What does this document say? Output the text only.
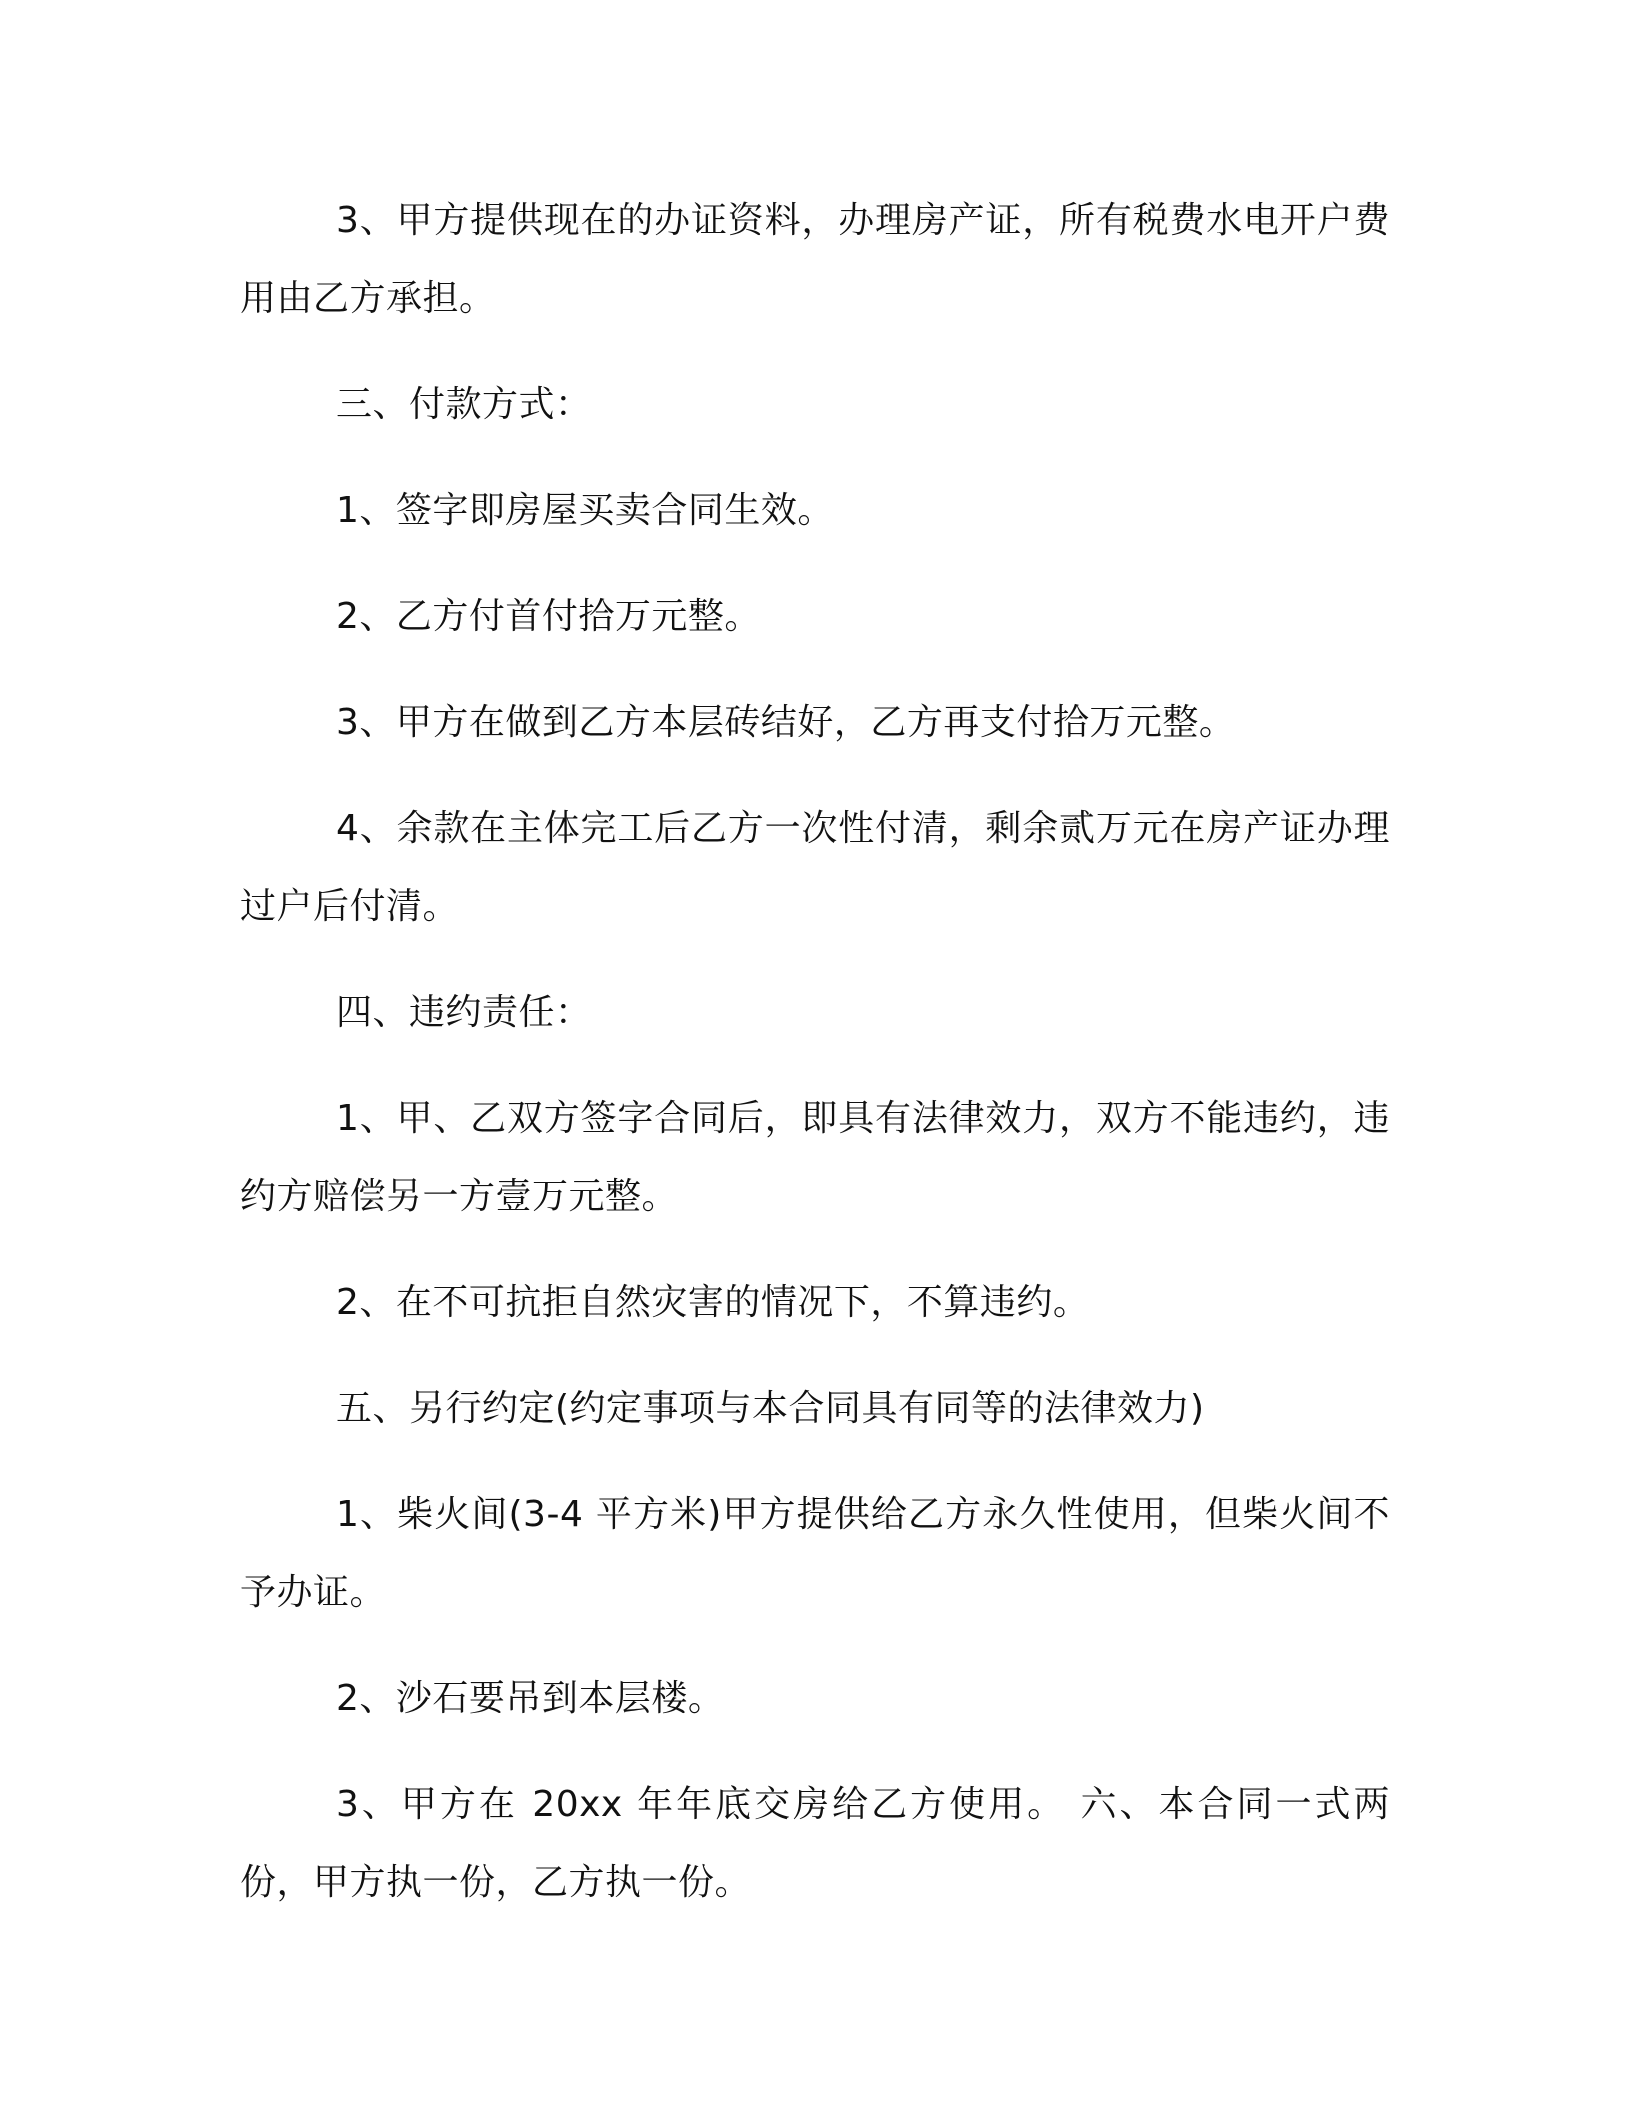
3、甲方提供现在的办证资料，办理房产证，所有税费水电开户费用由乙方承担。

三、付款方式：

1、签字即房屋买卖合同生效。

2、乙方付首付拾万元整。

3、甲方在做到乙方本层砖结好，乙方再支付拾万元整。

4、余款在主体完工后乙方一次性付清，剩余贰万元在房产证办理过户后付清。

四、违约责任：

1、甲、乙双方签字合同后，即具有法律效力，双方不能违约，违约方赔偿另一方壹万元整。

2、在不可抗拒自然灾害的情况下，不算违约。

五、另行约定(约定事项与本合同具有同等的法律效力)

1、柴火间(3-4 平方米)甲方提供给乙方永久性使用，但柴火间不予办证。

2、沙石要吊到本层楼。

3、甲方在 20xx 年年底交房给乙方使用。 六、本合同一式两份，甲方执一份，乙方执一份。
